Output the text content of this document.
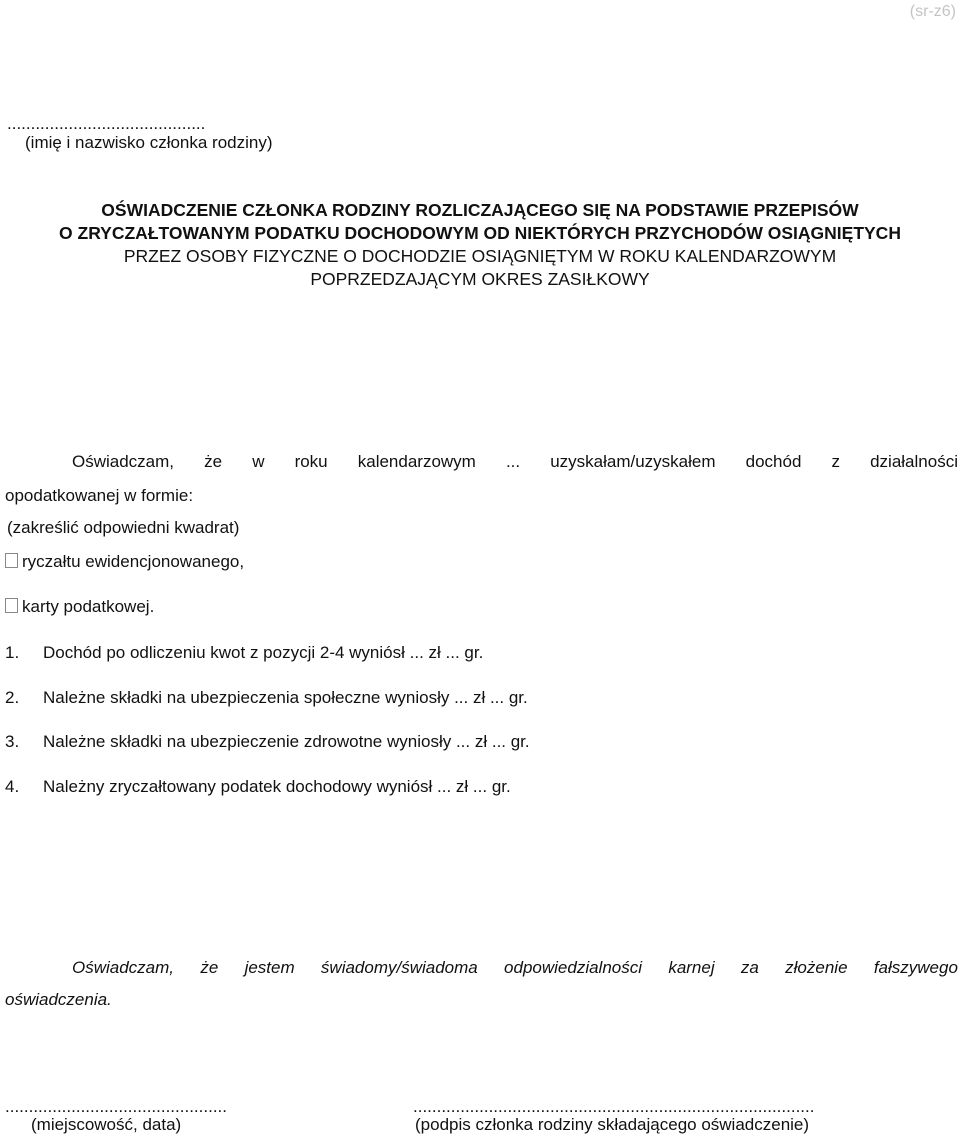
(sr-z6)
..........................................
(imię i nazwisko członka rodziny)
OŚWIADCZENIE CZŁONKA RODZINY ROZLICZAJĄCEGO SIĘ NA PODSTAWIE PRZEPISÓW
O ZRYCZAŁTOWANYM PODATKU DOCHODOWYM OD NIEKTÓRYCH PRZYCHODÓW OSIĄGNIĘTYCH
PRZEZ OSOBY FIZYCZNE O DOCHODZIE OSIĄGNIĘTYM W ROKU KALENDARZOWYM
POPRZEDZAJĄCYM OKRES ZASIŁKOWY
Oświadczam, że w roku kalendarzowym ... uzyskałam/uzyskałem dochód z działalności
opodatkowanej w formie:
(zakreślić odpowiedni kwadrat)
ryczałtu ewidencjonowanego,
karty podatkowej.
1. Dochód po odliczeniu kwot z pozycji 2-4 wyniósł ... zł ... gr.
2. Należne składki na ubezpieczenia społeczne wyniosły ... zł ... gr.
3. Należne składki na ubezpieczenie zdrowotne wyniosły ... zł ... gr.
4. Należny zryczałtowany podatek dochodowy wyniósł ... zł ... gr.
Oświadczam, że jestem świadomy/świadoma odpowiedzialności karnej za złożenie fałszywego
oświadczenia.
...............................................
(miejscowość, data)
.....................................................................................
(podpis członka rodziny składającego oświadczenie)
